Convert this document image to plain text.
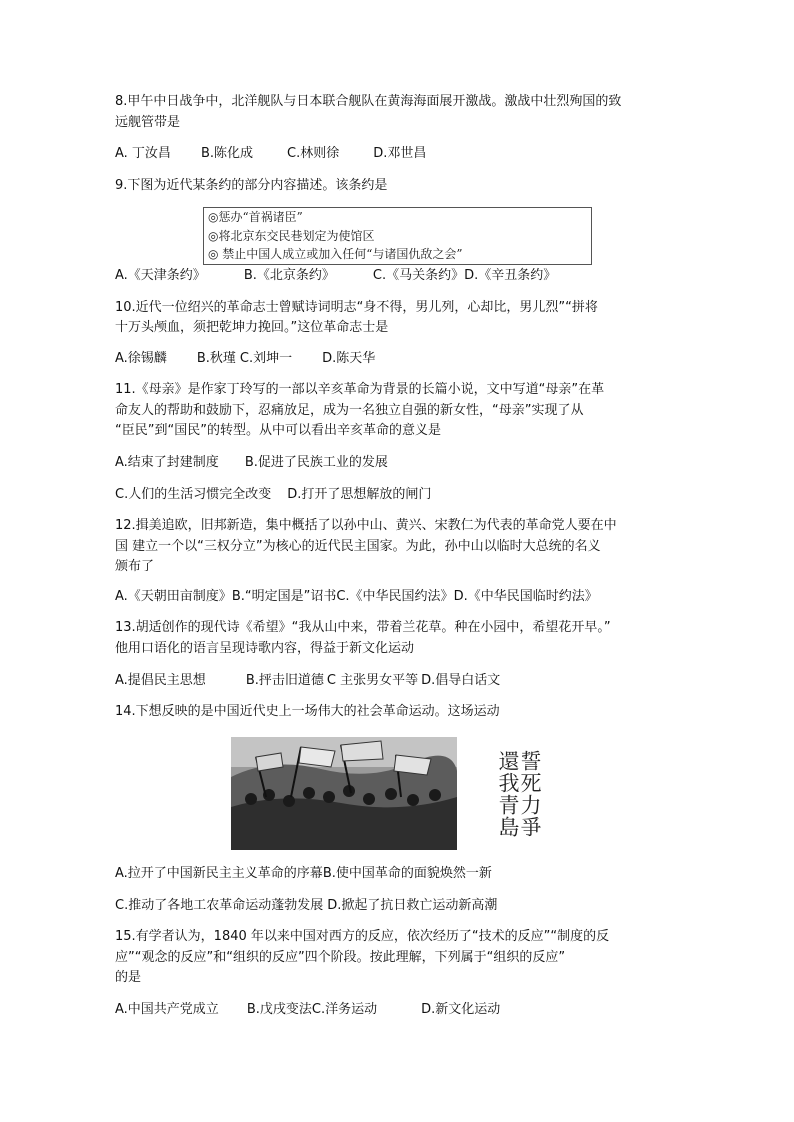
8.甲午中日战争中，北洋舰队与日本联合舰队在黄海海面展开激战。激战中壮烈殉国的致
远舰管带是
A. 丁汝昌 B.陈化成	C.林则徐	D.邓世昌
9.下图为近代某条约的部分内容描述。该条约是
◎惩办“首祸诸臣”
◎将北京东交民巷划定为使馆区
◎ 禁止中国人成立或加入任何“与诸国仇敌之会”
A.《天津条约》	B.《北京条约》	C.《马关条约》D.《辛丑条约》
10.近代一位绍兴的革命志士曾赋诗词明志“身不得，男儿列，心却比，男儿烈”“拼将
十万头颅血，须把乾坤力挽回。”这位革命志士是
A.徐锡麟 B.秋瑾 C.刘坤一 D.陈天华
11.《母亲》是作家丁玲写的一部以辛亥革命为背景的长篇小说，文中写道“母亲”在革
命友人的帮助和鼓励下，忍痛放足，成为一名独立自强的新女性，“母亲”实现了从
“臣民”到“国民”的转型。从中可以看出辛亥革命的意义是
A.结束了封建制度 B.促进了民族工业的发展
C.人们的生活习惯完全改变 D.打开了思想解放的闸门
12.揖美追欧，旧邦新造，集中概括了以孙中山、黄兴、宋教仁为代表的革命党人要在中
国 建立一个以“三权分立”为核心的近代民主国家。为此，孙中山以临时大总统的名义
颁布了
A.《天朝田亩制度》B.“明定国是”诏书C.《中华民国约法》D.《中华民国临时约法》
13.胡适创作的现代诗《希望》“我从山中来，带着兰花草。种在小园中，希望花开早。”
他用口语化的语言呈现诗歌内容，得益于新文化运动
A.提倡民主思想	B.抨击旧道德 C 主张男女平等 D.倡导白话文
14.下想反映的是中国近代史上一场伟大的社会革命运动。这场运动
誓死力爭
還我青島
A.拉开了中国新民主主义革命的序幕B.使中国革命的面貌焕然一新
C.推动了各地工农革命运动蓬勃发展 D.掀起了抗日救亡运动新高潮
15.有学者认为，1840 年以来中国对西方的反应，依次经历了“技术的反应”“制度的反
应”“观念的反应”和“组织的反应”四个阶段。按此理解，下列属于“组织的反应”
的是
A.中国共产党成立 B.戊戌变法C.洋务运动	D.新文化运动
